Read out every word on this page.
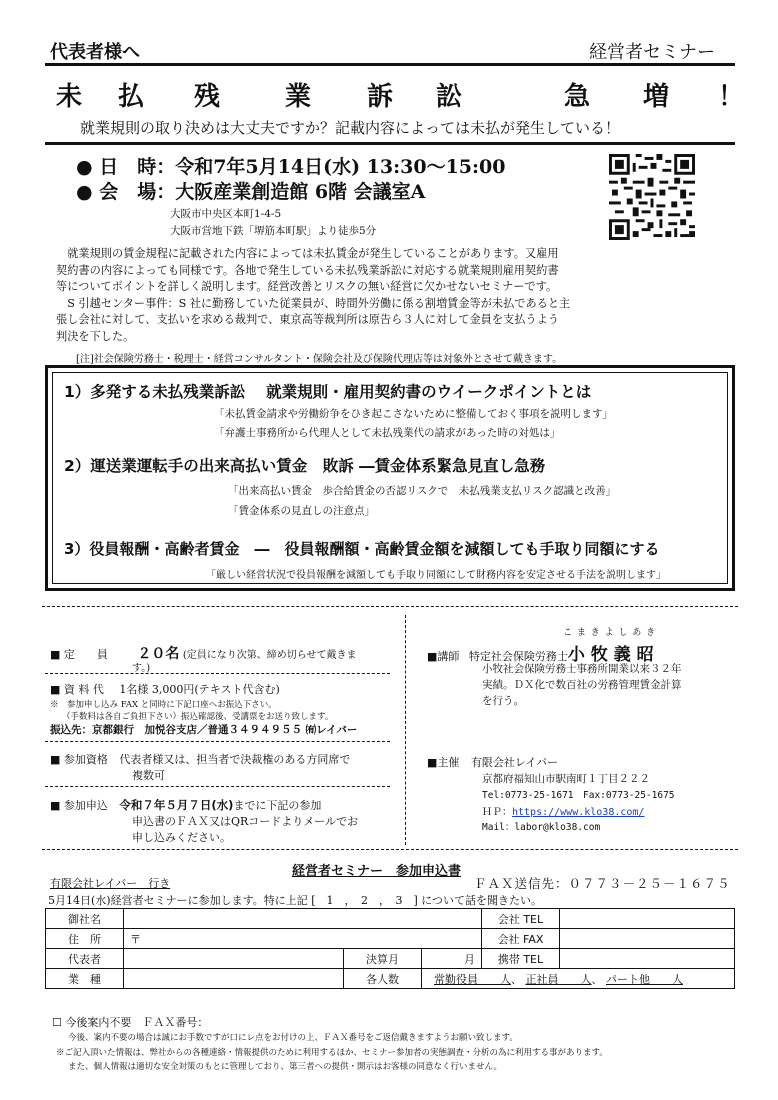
代表者様へ	経営者セミナー
未 払 残 業 訴 訟	急 増 ！
就業規則の取り決めは大丈夫ですか？記載内容によっては未払が発生している！
● 日　時：令和7年5月14日(水) 13:30〜15:00
● 会　場：大阪産業創造館 6階 会議室A
大阪市中央区本町1-4-5
大阪市営地下鉄「堺筋本町駅」より徒歩5分
　就業規則の賃金規程に記載された内容によっては未払賃金が発生していることがあります。又雇用
契約書の内容によっても同様です。各地で発生している未払残業訴訟に対応する就業規則雇用契約書
等についてポイントを詳しく説明します。経営改善とリスクの無い経営に欠かせないセミナーです。
　S 引越センター事件：S 社に勤務していた従業員が、時間外労働に係る割増賃金等が未払であると主
張し会社に対して、支払いを求める裁判で、東京高等裁判所は原告ら３人に対して金員を支払うよう
判決を下した。
[注]社会保険労務士・税理士・経営コンサルタント・保険会社及び保険代理店等は対象外とさせて戴きます。
1）多発する未払残業訴訟　 就業規則・雇用契約書のウイークポイントとは
「未払賃金請求や労働紛争をひき起こさないために整備しておく事項を説明します」
「弁護士事務所から代理人として未払残業代の請求があった時の対処は」
2）運送業運転手の出来高払い賃金　敗訴 ―賃金体系緊急見直し急務
「出来高払い賃金　歩合給賃金の否認リスクで　未払残業支払リスク認識と改善」
「賃金体系の見直しの注意点」
3）役員報酬・高齢者賃金　―　役員報酬額・高齢賃金額を減額しても手取り同額にする
「厳しい経営状況で役員報酬を減額しても手取り同額にして財務内容を安定させる手法を説明します」
■ 定　　員 ２０名 (定員になり次第、締め切らせて戴きま
す。)
■ 資 料 代 1名様 3,000円(テキスト代含む)
※　参加申し込み FAX と同時に下記口座へお振込下さい。
（手数料は各自ご負担下さい）振込確認後、受講票をお送り致します。
振込先：京都銀行　加悦谷支店／普通３４９４９５５ ㈲レイバー
■ 参加資格 代表者様又は、担当者で決裁権のある方同席で
複数可
■ 参加申込 令和７年５月７日(水)までに下記の参加
申込書のＦＡＸ又はQRコードよりメールでお
申し込みください。
こ ま き よ し あ き
■講師 特定社会保険労務士小 牧 義 昭
小牧社会保険労務士事務所開業以来３２年
実績。ＤＸ化で数百社の労務管理賃金計算
を行う。
■主催 有限会社レイバー
京都府福知山市駅南町１丁目２２２
Tel:0773-25-1671　Fax:0773-25-1675
ＨＰ：https://www.klo38.com/
Mail：labor@klo38.com
経営者セミナー　参加申込書
有限会社レイバー　行き	ＦＡＸ送信先：０７７３－２５－１６７５
5月14日(水)経営者セミナーに参加します。特に上記 [　1　，　2　，　3　] について話を聞きたい。
御社名				会社 TEL	
住　所	〒			会社 FAX	
代表者		決算月	月	携帯 TEL	
業　種		各人数	常勤役員　　人、 正社員　　人、 パート他　　人		
☐ 今後案内不要　ＦＡＸ番号：
今後、案内不要の場合は誠にお手数ですが口にレ点をお付けの上、ＦＡＸ番号をご返信戴きますようお願い致します。
※ご記入頂いた情報は、弊社からの各種連絡・情報提供のために利用するほか、セミナー参加者の実態調査・分析の為に利用する事があります。
また、個人情報は適切な安全対策のもとに管理しており、第三者への提供・開示はお客様の同意なく行いません。
